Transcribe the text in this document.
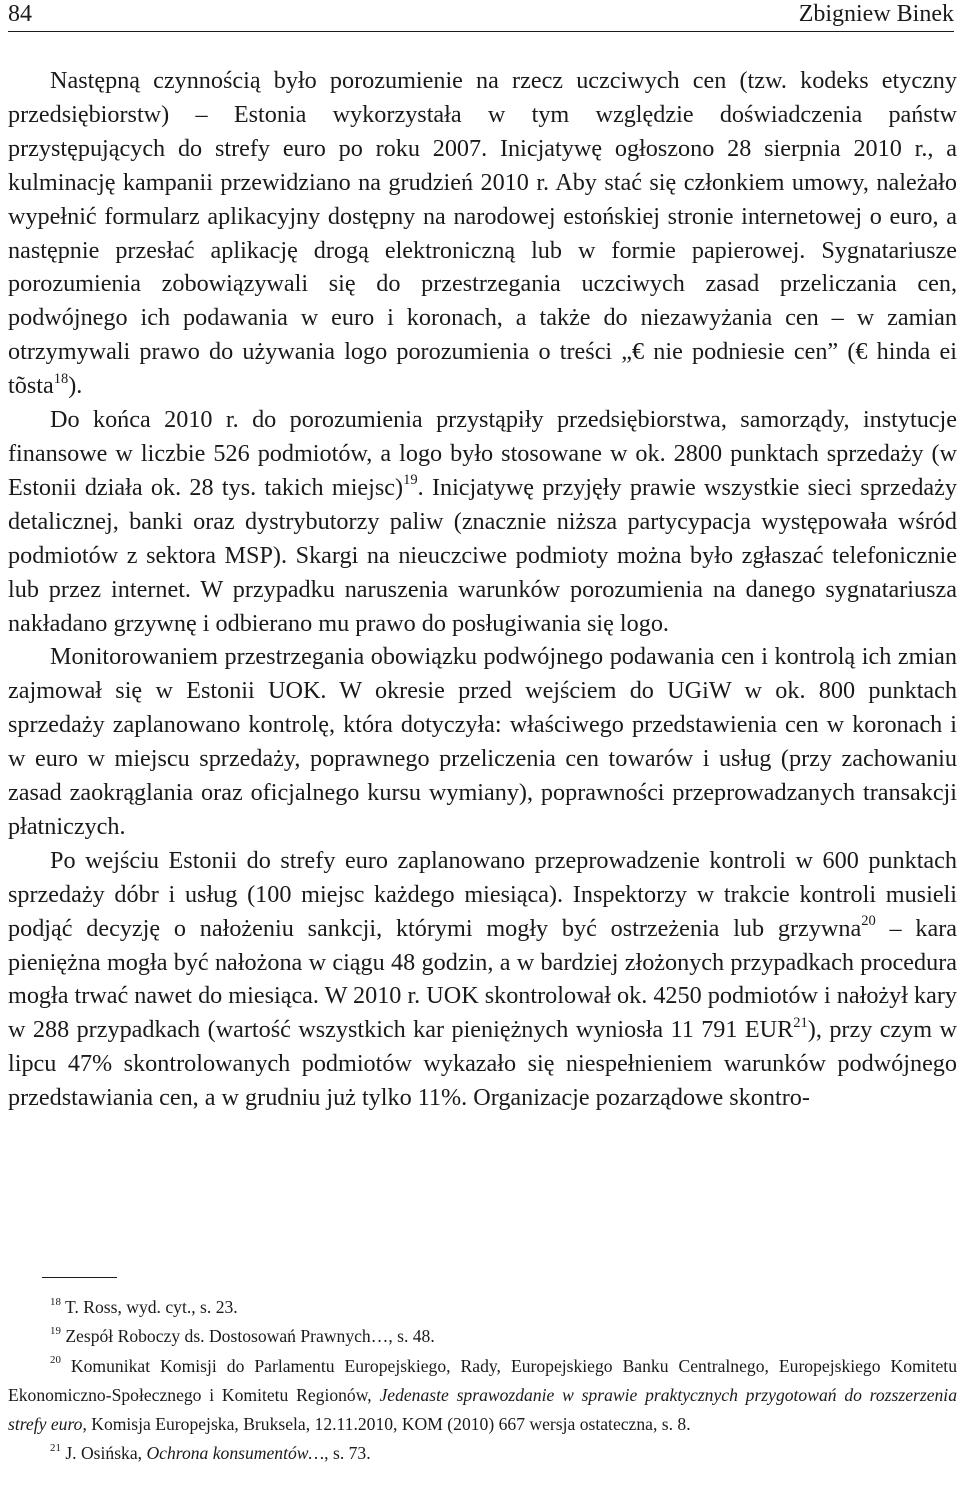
84	Zbigniew Binek

Następną czynnością było porozumienie na rzecz uczciwych cen (tzw. kodeks etyczny przedsiębiorstw) – Estonia wykorzystała w tym względzie doświadczenia państw przystępujących do strefy euro po roku 2007. Inicjatywę ogłoszono 28 sierpnia 2010 r., a kulminację kampanii przewidziano na grudzień 2010 r. Aby stać się członkiem umowy, należało wypełnić formularz aplikacyjny dostępny na narodowej estońskiej stronie internetowej o euro, a następnie przesłać aplikację drogą elektroniczną lub w formie papierowej. Sygnatariusze porozumienia zobowiązywali się do przestrzegania uczciwych zasad przeliczania cen, podwójnego ich podawania w euro i koronach, a także do niezawyżania cen – w zamian otrzymywali prawo do używania logo porozumienia o treści „€ nie podniesie cen” (€ hinda ei tõsta$^{18}$).

Do końca 2010 r. do porozumienia przystąpiły przedsiębiorstwa, samorządy, instytucje finansowe w liczbie 526 podmiotów, a logo było stosowane w ok. 2800 punktach sprzedaży (w Estonii działa ok. 28 tys. takich miejsc)$^{19}$. Inicjatywę przyjęły prawie wszystkie sieci sprzedaży detalicznej, banki oraz dystrybutorzy paliw (znacznie niższa partycypacja występowała wśród podmiotów z sektora MSP). Skargi na nieuczciwe podmioty można było zgłaszać telefonicznie lub przez internet. W przypadku naruszenia warunków porozumienia na danego sygnatariusza nakładano grzywnę i odbierano mu prawo do posługiwania się logo.

Monitorowaniem przestrzegania obowiązku podwójnego podawania cen i kontrolą ich zmian zajmował się w Estonii UOK. W okresie przed wejściem do UGiW w ok. 800 punktach sprzedaży zaplanowano kontrolę, która dotyczyła: właściwego przedstawienia cen w koronach i w euro w miejscu sprzedaży, poprawnego przeliczenia cen towarów i usług (przy zachowaniu zasad zaokrąglania oraz oficjalnego kursu wymiany), poprawności przeprowadzanych transakcji płatniczych.

Po wejściu Estonii do strefy euro zaplanowano przeprowadzenie kontroli w 600 punktach sprzedaży dóbr i usług (100 miejsc każdego miesiąca). Inspektorzy w trakcie kontroli musieli podjąć decyzję o nałożeniu sankcji, którymi mogły być ostrzeżenia lub grzywna$^{20}$ – kara pieniężna mogła być nałożona w ciągu 48 godzin, a w bardziej złożonych przypadkach procedura mogła trwać nawet do miesiąca. W 2010 r. UOK skontrolował ok. 4250 podmiotów i nałożył kary w 288 przypadkach (wartość wszystkich kar pieniężnych wyniosła 11 791 EUR$^{21}$), przy czym w lipcu 47% skontrolowanych podmiotów wykazało się niespełnieniem warunków podwójnego przedstawiania cen, a w grudniu już tylko 11%. Organizacje pozarządowe skontro-

$^{18}$ T. Ross, wyd. cyt., s. 23.

$^{19}$ Zespół Roboczy ds. Dostosowań Prawnych…, s. 48.

$^{20}$ Komunikat Komisji do Parlamentu Europejskiego, Rady, Europejskiego Banku Centralnego, Europejskiego Komitetu Ekonomiczno-Społecznego i Komitetu Regionów, Jedenaste sprawozdanie w sprawie praktycznych przygotowań do rozszerzenia strefy euro, Komisja Europejska, Bruksela, 12.11.2010, KOM (2010) 667 wersja ostateczna, s. 8.

$^{21}$ J. Osińska, Ochrona konsumentów…, s. 73.
